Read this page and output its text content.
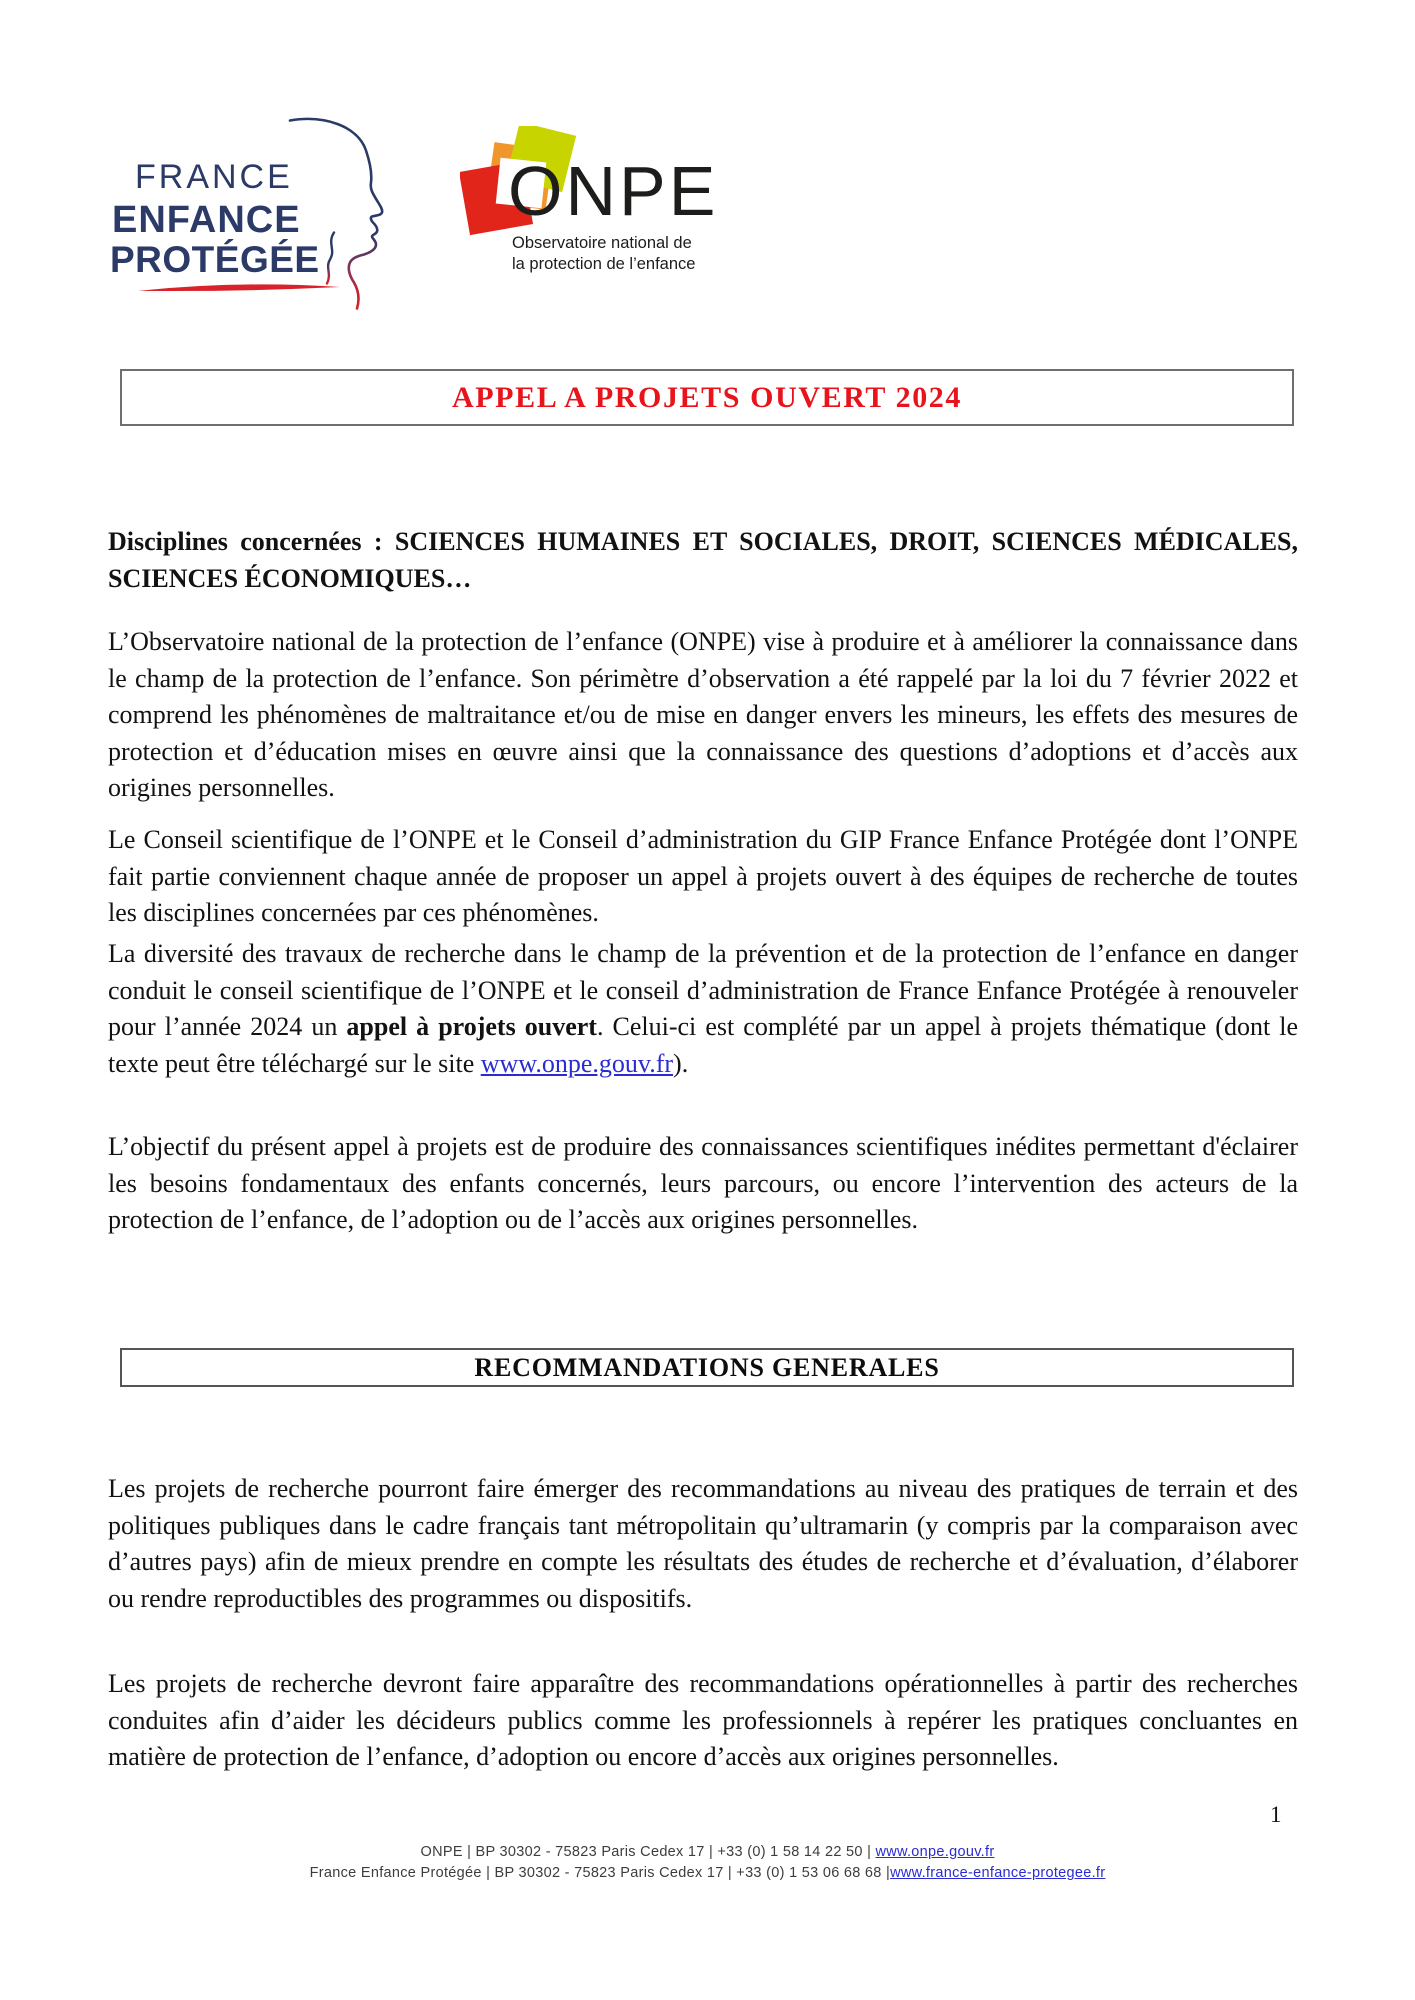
FRANCE
ENFANCE
PROTÉGÉE
ONPE
Observatoire national de
la protection de l’enfance
APPEL A PROJETS OUVERT 2024
Disciplines concernées : SCIENCES HUMAINES ET SOCIALES, DROIT, SCIENCES MÉDICALES, SCIENCES ÉCONOMIQUES…
L’Observatoire national de la protection de l’enfance (ONPE) vise à produire et à améliorer la connaissance dans le champ de la protection de l’enfance. Son périmètre d’observation a été rappelé par la loi du 7 février 2022 et comprend les phénomènes de maltraitance et/ou de mise en danger envers les mineurs, les effets des mesures de protection et d’éducation mises en œuvre ainsi que la connaissance des questions d’adoptions et d’accès aux origines personnelles.
Le Conseil scientifique de l’ONPE et le Conseil d’administration du GIP France Enfance Protégée dont l’ONPE fait partie conviennent chaque année de proposer un appel à projets ouvert à des équipes de recherche de toutes les disciplines concernées par ces phénomènes.
La diversité des travaux de recherche dans le champ de la prévention et de la protection de l’enfance en danger conduit le conseil scientifique de l’ONPE et le conseil d’administration de France Enfance Protégée à renouveler pour l’année 2024 un appel à projets ouvert. Celui-ci est complété par un appel à projets thématique (dont le texte peut être téléchargé sur le site www.onpe.gouv.fr).
L’objectif du présent appel à projets est de produire des connaissances scientifiques inédites permettant d'éclairer les besoins fondamentaux des enfants concernés, leurs parcours, ou encore l’intervention des acteurs de la protection de l’enfance, de l’adoption ou de l’accès aux origines personnelles.
RECOMMANDATIONS GENERALES
Les projets de recherche pourront faire émerger des recommandations au niveau des pratiques de terrain et des politiques publiques dans le cadre français tant métropolitain qu’ultramarin (y compris par la comparaison avec d’autres pays) afin de mieux prendre en compte les résultats des études de recherche et d’évaluation, d’élaborer ou rendre reproductibles des programmes ou dispositifs.
Les projets de recherche devront faire apparaître des recommandations opérationnelles à partir des recherches conduites afin d’aider les décideurs publics comme les professionnels à repérer les pratiques concluantes en matière de protection de l’enfance, d’adoption ou encore d’accès aux origines personnelles.
1
ONPE | BP 30302 - 75823 Paris Cedex 17 | +33 (0) 1 58 14 22 50 | www.onpe.gouv.fr
France Enfance Protégée | BP 30302 - 75823 Paris Cedex 17 | +33 (0) 1 53 06 68 68 |www.france-enfance-protegee.fr
